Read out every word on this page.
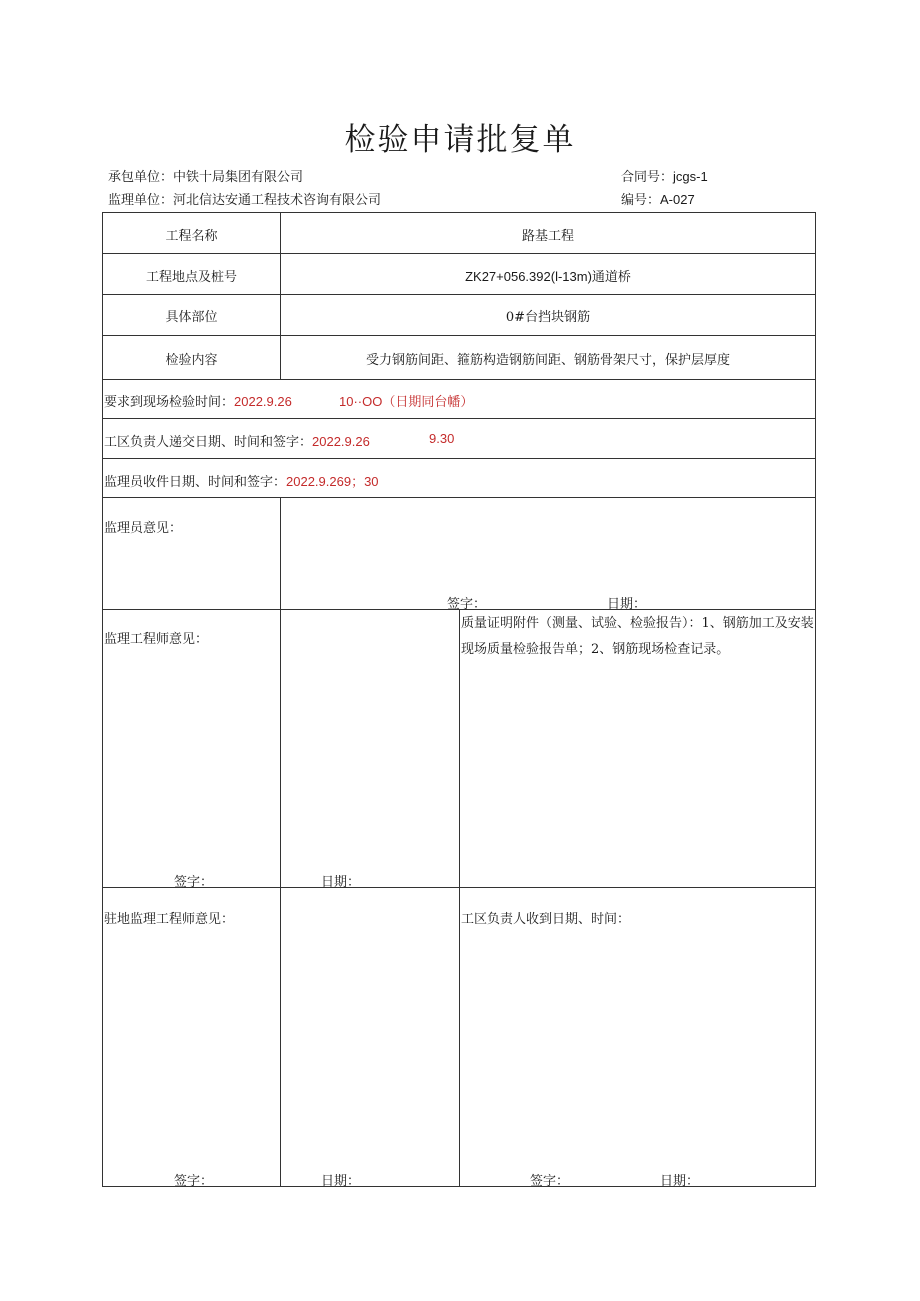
检验申请批复单
承包单位：中铁十局集团有限公司	合同号：jcgs-1
监理单位：河北信达安通工程技术咨询有限公司	编号：A-027
工程名称	路基工程
工程地点及桩号	ZK27+056.392(l-13m)通道桥
具体部位	0#台挡块钢筋
检验内容	受力钢筋间距、箍筋构造钢筋间距、钢筋骨架尺寸，保护层厚度
要求到现场检验时间：2022.9.26	10··OO（日期同台幡）
工区负责人递交日期、时间和签字：2022.9.26	9.30
监理员收件日期、时间和签字：2022.9.269；30
监理员意见：
签字：	日期：
监理工程师意见：
质量证明附件（测量、试验、检验报告）：1、钢筋加工及安装现场质量检验报告单；2、钢筋现场检查记录。
签字：	日期：
驻地监理工程师意见：	工区负责人收到日期、时间：
签字：	日期：	签字：	日期：
